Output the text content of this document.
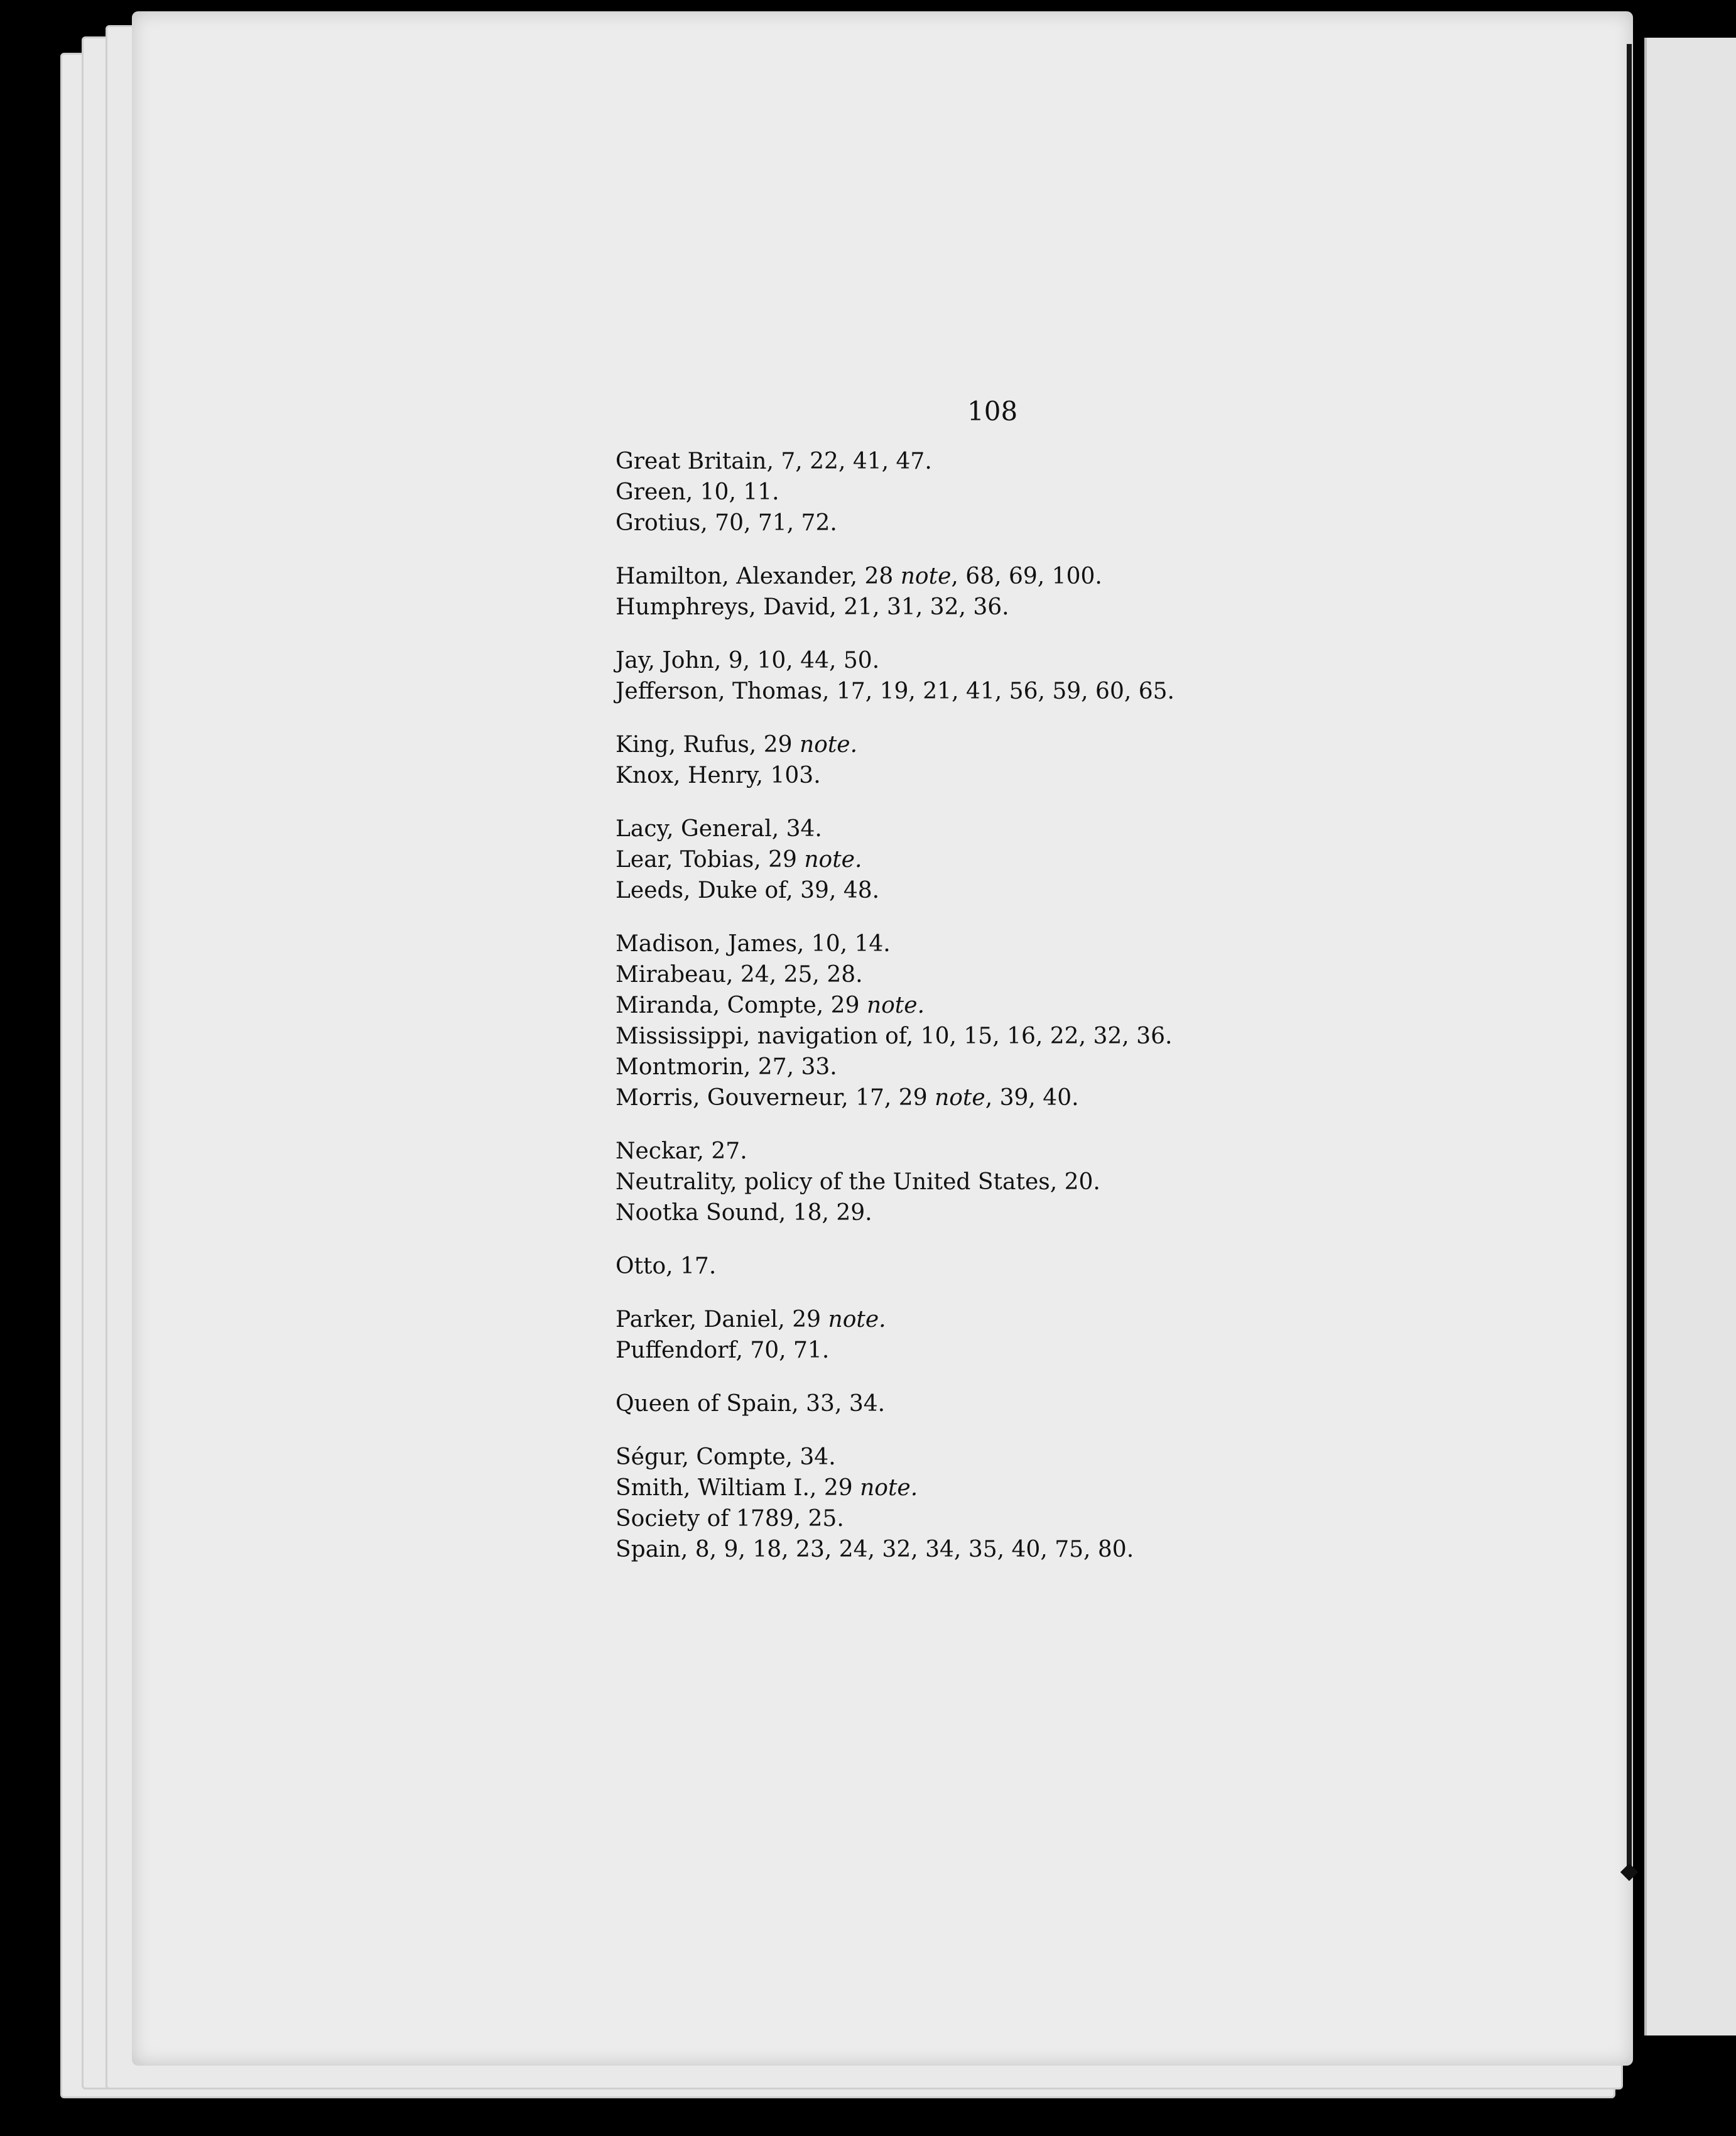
108
Great Britain, 7, 22, 41, 47.
Green, 10, 11.
Grotius, 70, 71, 72.
Hamilton, Alexander, 28 note, 68, 69, 100.
Humphreys, David, 21, 31, 32, 36.
Jay, John, 9, 10, 44, 50.
Jefferson, Thomas, 17, 19, 21, 41, 56, 59, 60, 65.
King, Rufus, 29 note.
Knox, Henry, 103.
Lacy, General, 34.
Lear, Tobias, 29 note.
Leeds, Duke of, 39, 48.
Madison, James, 10, 14.
Mirabeau, 24, 25, 28.
Miranda, Compte, 29 note.
Mississippi, navigation of, 10, 15, 16, 22, 32, 36.
Montmorin, 27, 33.
Morris, Gouverneur, 17, 29 note, 39, 40.
Neckar, 27.
Neutrality, policy of the United States, 20.
Nootka Sound, 18, 29.
Otto, 17.
Parker, Daniel, 29 note.
Puffendorf, 70, 71.
Queen of Spain, 33, 34.
Ségur, Compte, 34.
Smith, Wiltiam I., 29 note.
Society of 1789, 25.
Spain, 8, 9, 18, 23, 24, 32, 34, 35, 40, 75, 80.
